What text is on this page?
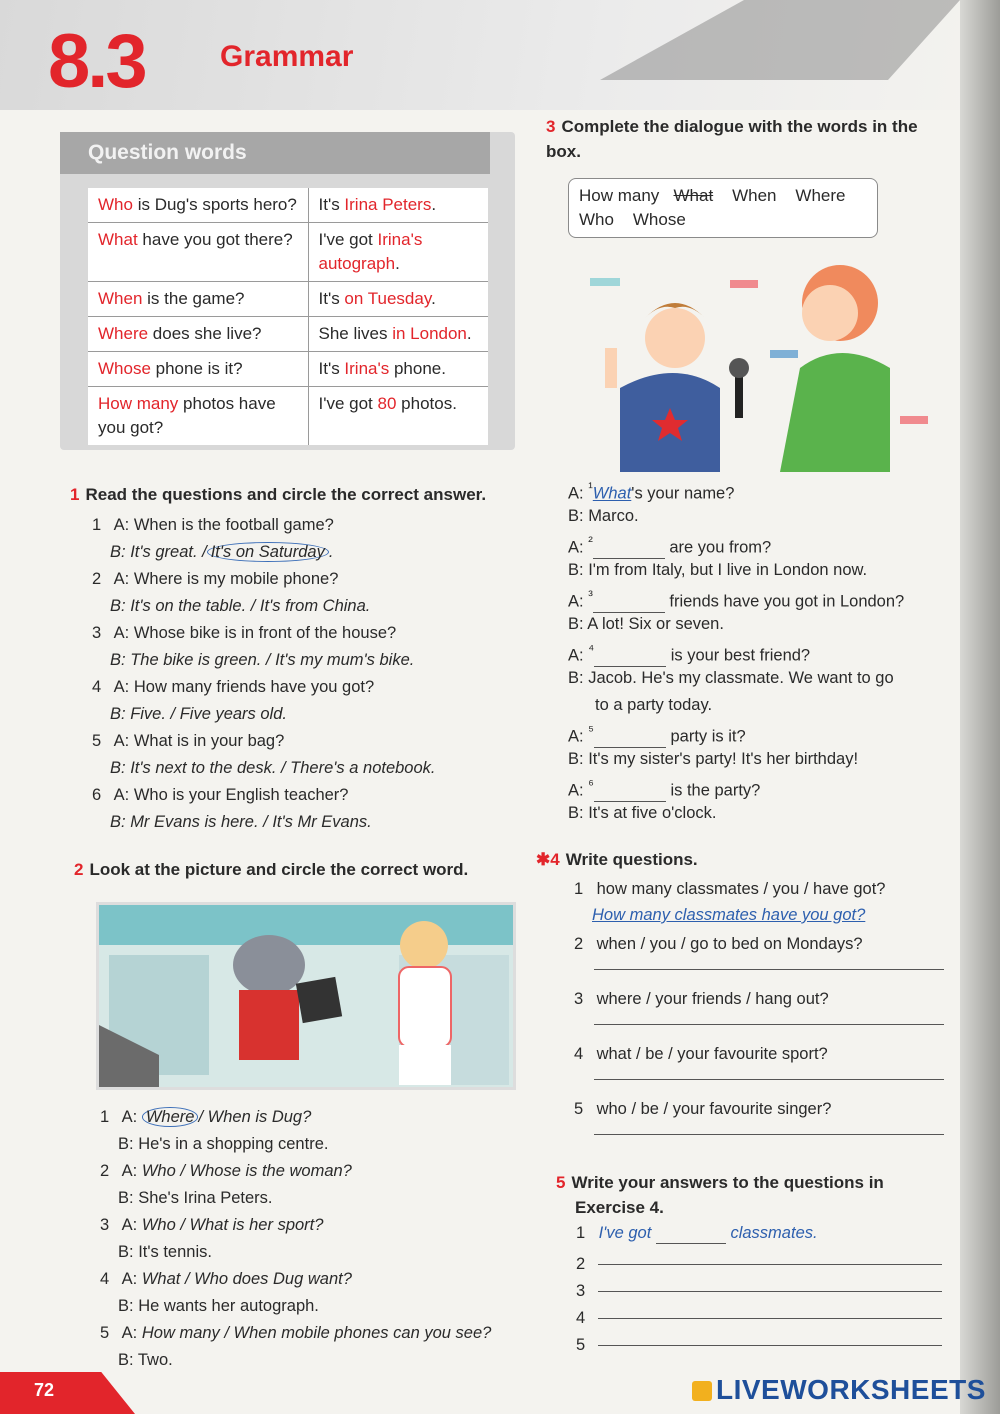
8.3	Grammar
Question words
Who is Dug's sports hero?	It's Irina Peters.
What have you got there?	I've got Irina's autograph.
When is the game?	It's on Tuesday.
Where does she live?	She lives in London.
Whose phone is it?	It's Irina's phone.
How many photos have you got?	I've got 80 photos.
1 Read the questions and circle the correct answer.
1 A: When is the football game?
B: It's great. / It's on Saturday .
2 A: Where is my mobile phone?
B: It's on the table. / It's from China.
3 A: Whose bike is in front of the house?
B: The bike is green. / It's my mum's bike.
4 A: How many friends have you got?
B: Five. / Five years old.
5 A: What is in your bag?
B: It's next to the desk. / There's a notebook.
6 A: Who is your English teacher?
B: Mr Evans is here. / It's Mr Evans.
2 Look at the picture and circle the correct word.
1 A: Where / When is Dug?
B: He's in a shopping centre.
2 A: Who / Whose is the woman?
B: She's Irina Peters.
3 A: Who / What is her sport?
B: It's tennis.
4 A: What / Who does Dug want?
B: He wants her autograph.
5 A: How many / When mobile phones can you see?
B: Two.
3 Complete the dialogue with the words in the box.
How many What When Where
Who Whose
A: $^{^1}$What's your name?
B: Marco.
A: $^{^2}$	are you from?
B: I'm from Italy, but I live in London now.
A: $^{^3}$	friends have you got in London?
B: A lot! Six or seven.
A: $^{^4}$	is your best friend?
B: Jacob. He's my classmate. We want to go
to a party today.
A: $^{^5}$	party is it?
B: It's my sister's party! It's her birthday!
A: $^{^6}$	is the party?
B: It's at five o'clock.
✱4 Write questions.
1 how many classmates / you / have got?
How many classmates have you got?
2 when / you / go to bed on Mondays?
3 where / your friends / hang out?
4 what / be / your favourite sport?
5 who / be / your favourite singer?
5 Write your answers to the questions in
Exercise 4.
1 I've got	classmates.
2
3
4
5
72	LIVEWORKSHEETS
